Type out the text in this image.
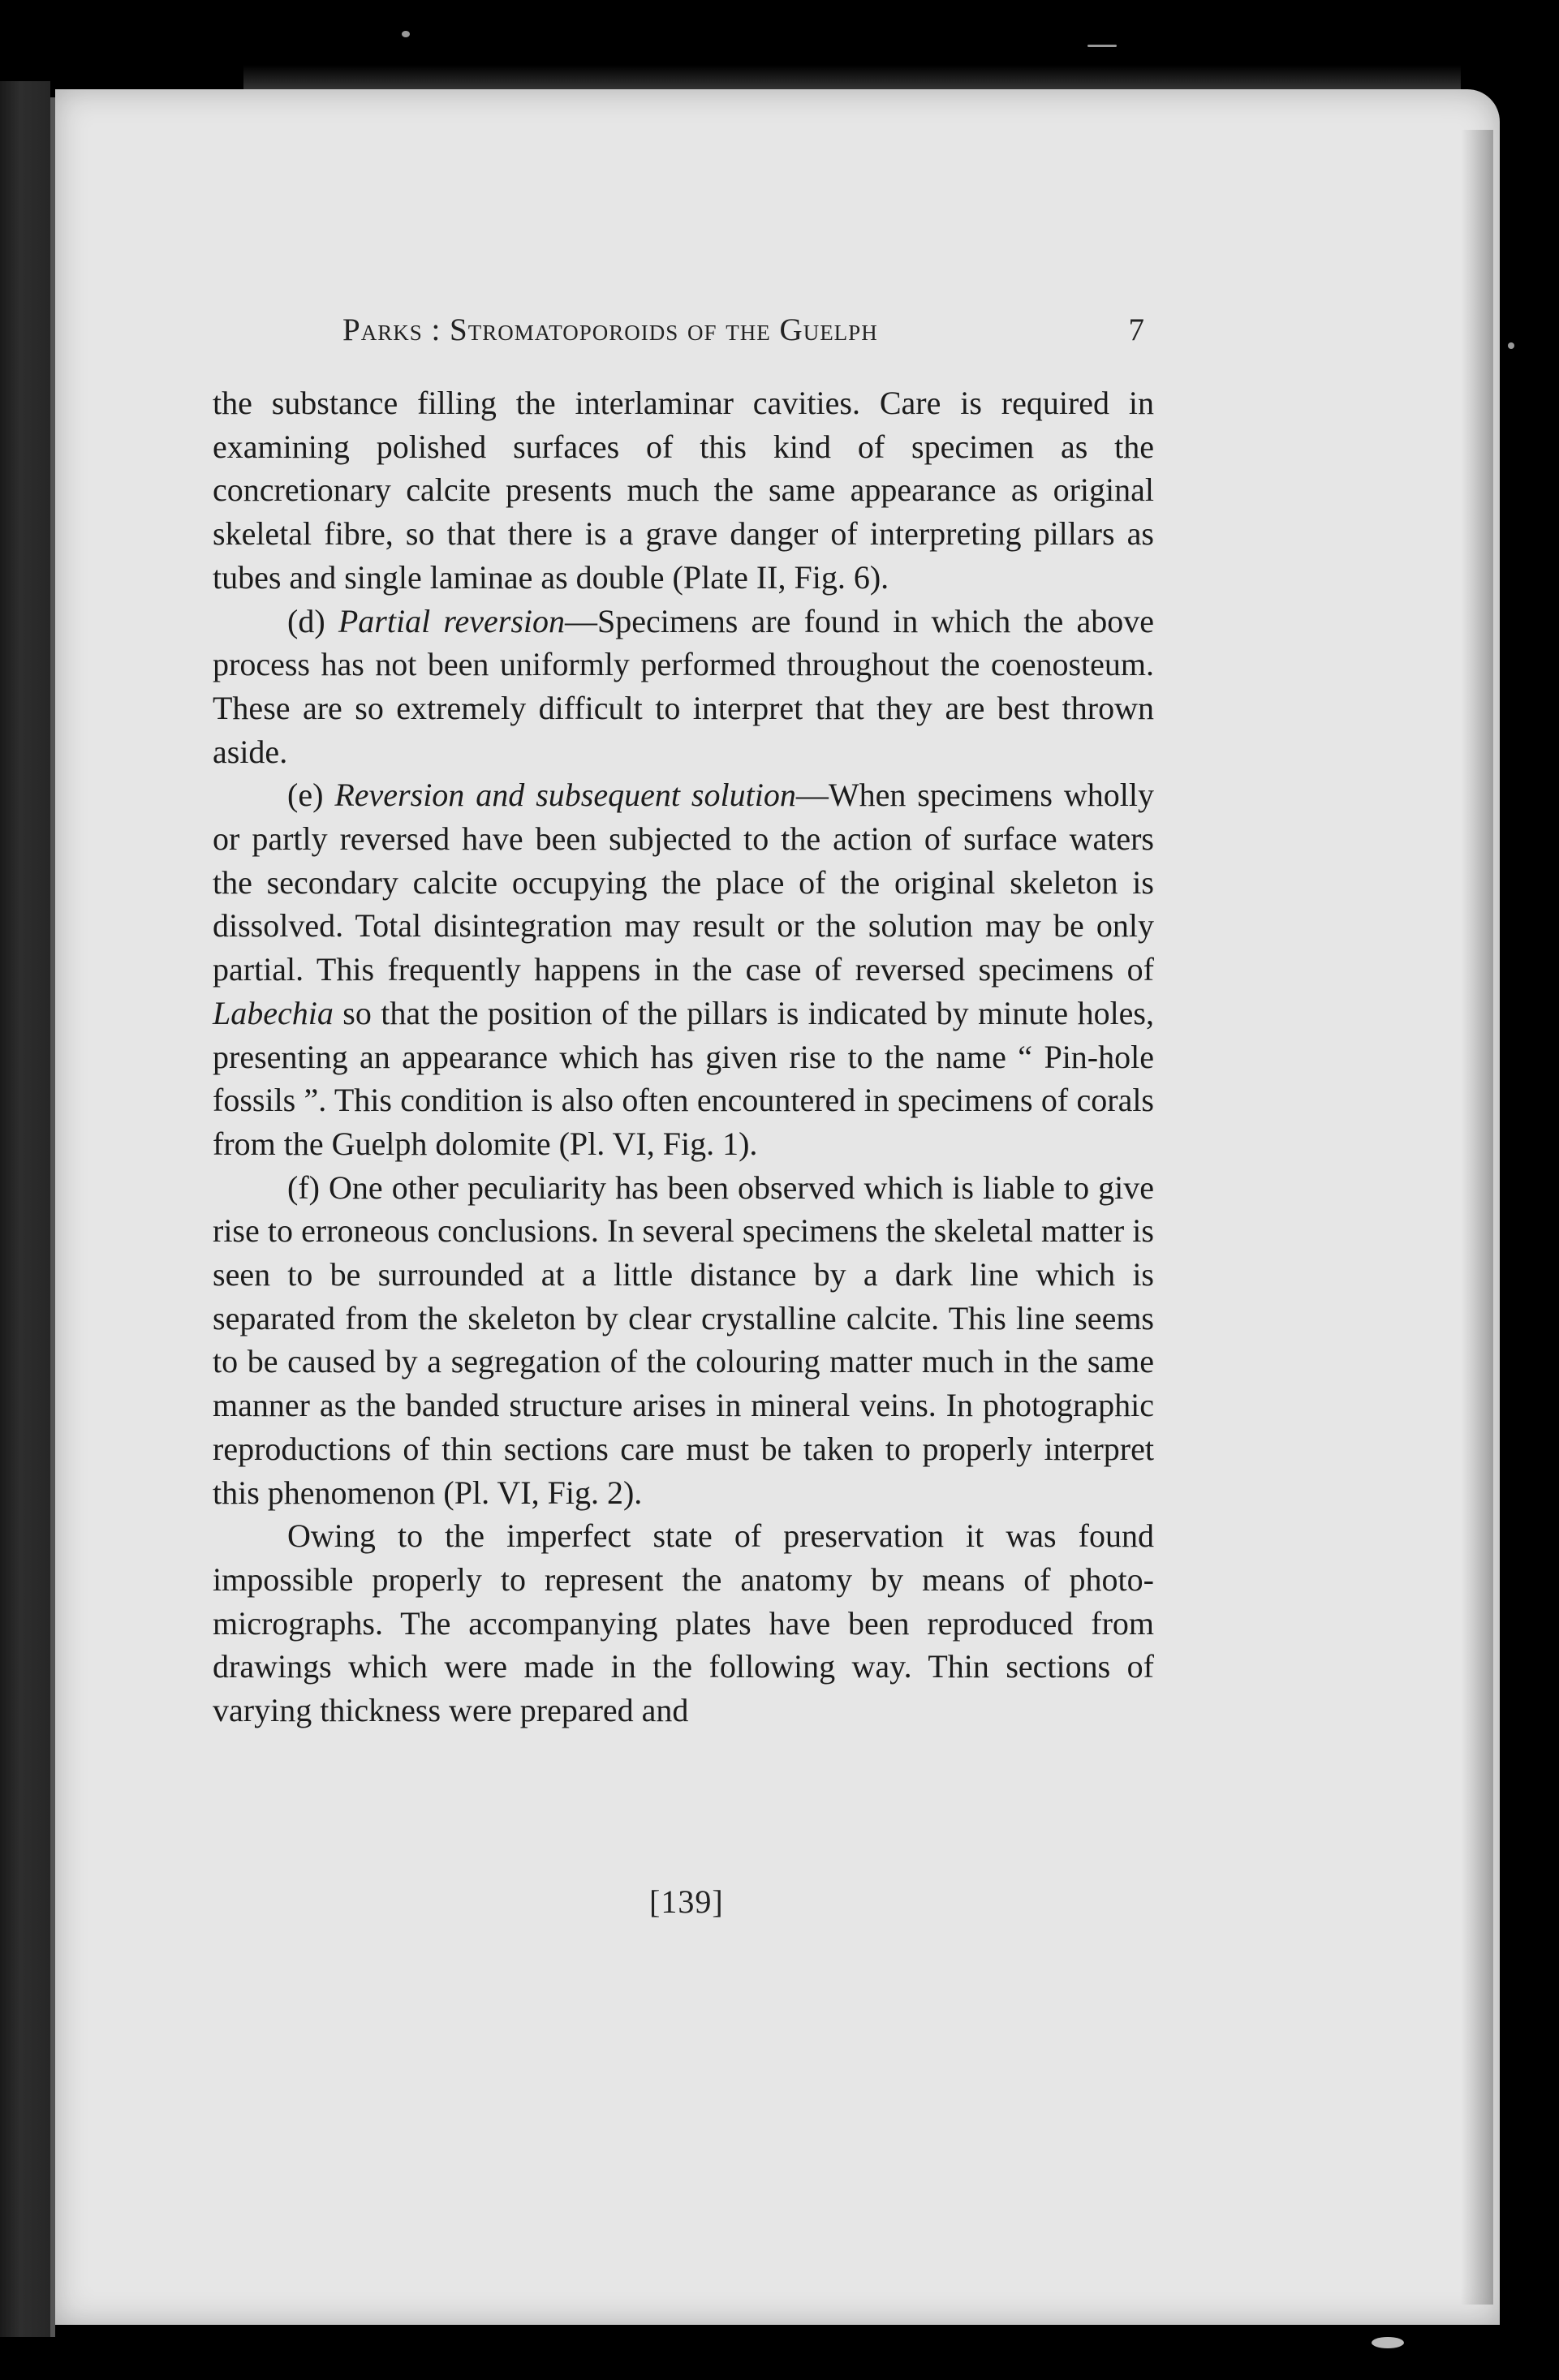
Parks : Stromatoporoids of the Guelph	7

the substance filling the interlaminar cavities. Care is required in examining polished surfaces of this kind of specimen as the concretionary calcite presents much the same appearance as original skeletal fibre, so that there is a grave danger of interpreting pillars as tubes and single laminae as double (Plate II, Fig. 6).

(d) Partial reversion—Specimens are found in which the above process has not been uniformly performed throughout the coenosteum. These are so extremely difficult to interpret that they are best thrown aside.

(e) Reversion and subsequent solution—When specimens wholly or partly reversed have been subjected to the action of surface waters the secondary calcite occupying the place of the original skeleton is dissolved. Total disintegration may result or the solution may be only partial. This frequently happens in the case of reversed specimens of Labechia so that the position of the pillars is indicated by minute holes, presenting an appearance which has given rise to the name “ Pin-hole fossils ”. This condition is also often encountered in specimens of corals from the Guelph dolomite (Pl. VI, Fig. 1).

(f) One other peculiarity has been observed which is liable to give rise to erroneous conclusions. In several specimens the skeletal matter is seen to be surrounded at a little distance by a dark line which is separated from the skeleton by clear crystalline calcite. This line seems to be caused by a segregation of the colouring matter much in the same manner as the banded structure arises in mineral veins. In photographic reproductions of thin sections care must be taken to properly interpret this phenomenon (Pl. VI, Fig. 2).

Owing to the imperfect state of preservation it was found impossible properly to represent the anatomy by means of photo-micrographs. The accompanying plates have been reproduced from drawings which were made in the following way. Thin sections of varying thickness were prepared and

[139]
